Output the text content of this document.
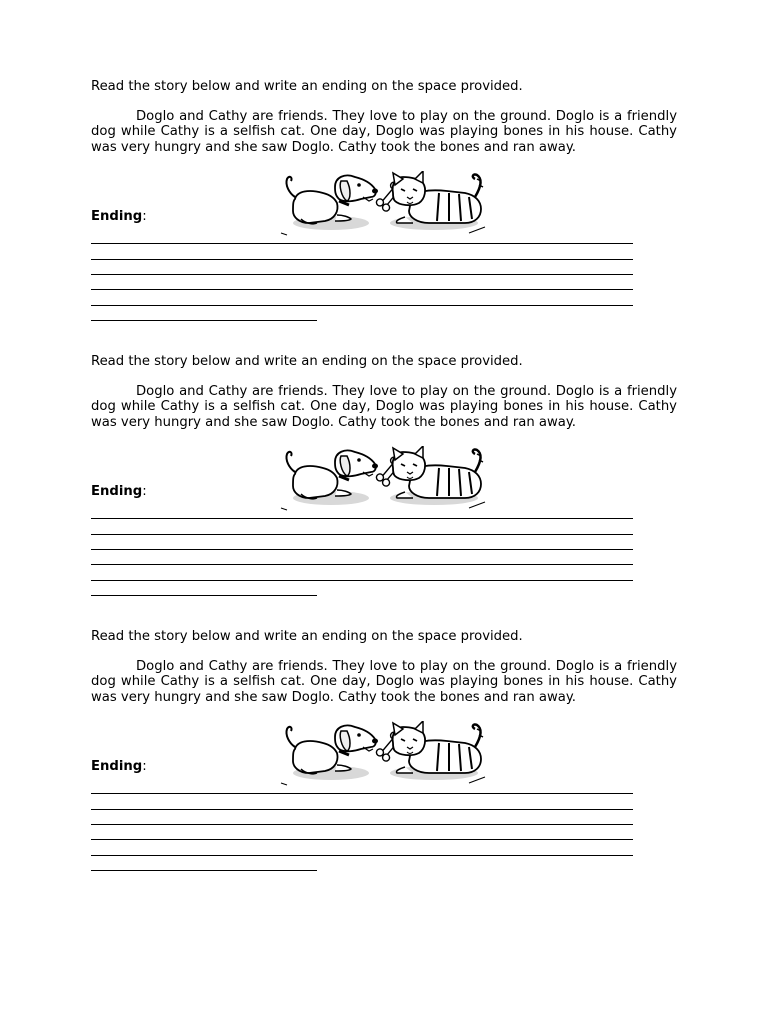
Read the story below and write an ending on the space provided.

Doglo and Cathy are friends. They love to play on the ground. Doglo is a friendly dog while Cathy is a selfish cat. One day, Doglo was playing bones in his house. Cathy was very hungry and she saw Doglo. Cathy took the bones and ran away.

Ending:

Read the story below and write an ending on the space provided.

Doglo and Cathy are friends. They love to play on the ground. Doglo is a friendly dog while Cathy is a selfish cat. One day, Doglo was playing bones in his house. Cathy was very hungry and she saw Doglo. Cathy took the bones and ran away.

Ending:

Read the story below and write an ending on the space provided.

Doglo and Cathy are friends. They love to play on the ground. Doglo is a friendly dog while Cathy is a selfish cat. One day, Doglo was playing bones in his house. Cathy was very hungry and she saw Doglo. Cathy took the bones and ran away.

Ending:
